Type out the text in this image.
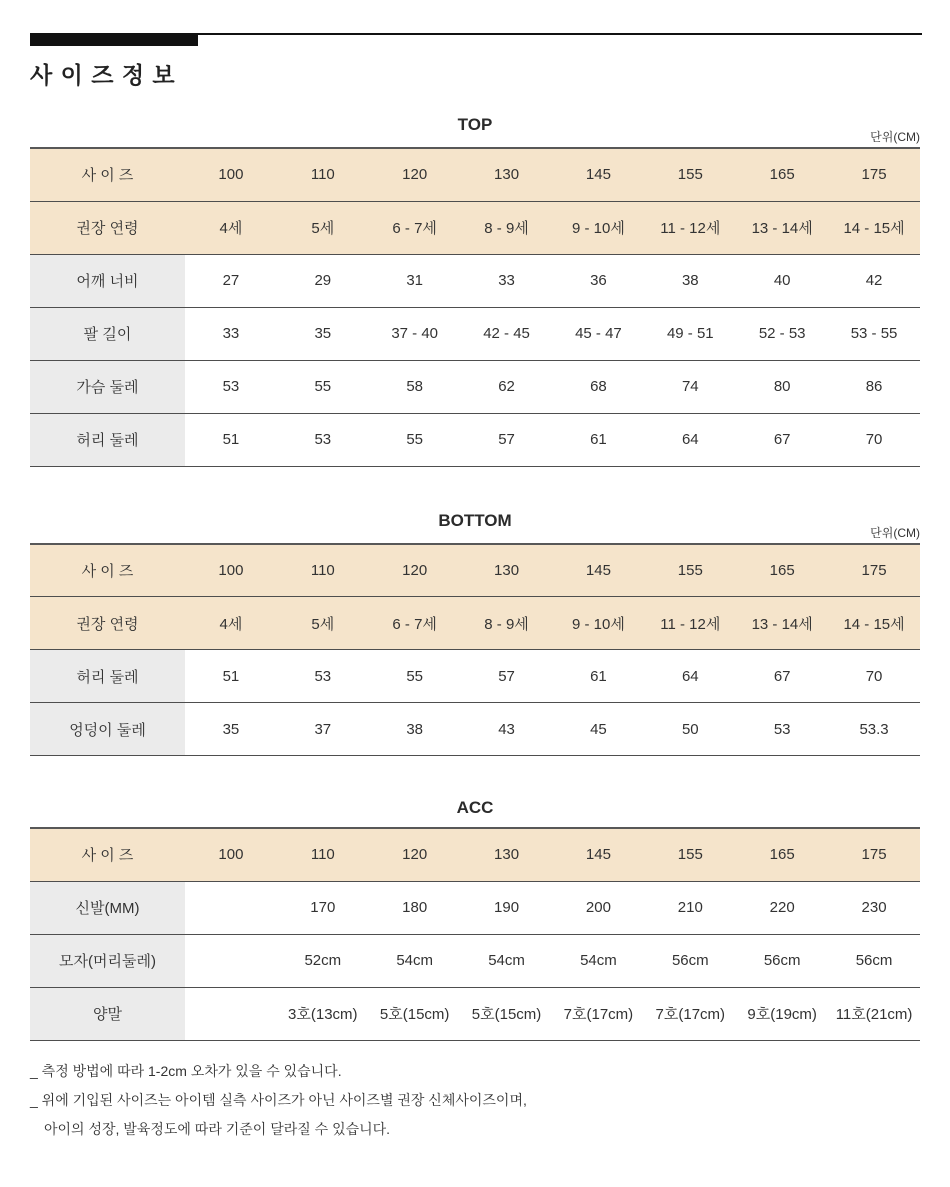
사 이 즈 정 보
TOP
단위(CM)
사 이 즈	100	110	120	130	145	155	165	175
권장 연령	4세	5세	6 - 7세	8 - 9세	9 - 10세	11 - 12세	13 - 14세	14 - 15세
어깨 너비	27	29	31	33	36	38	40	42
팔 길이	33	35	37 - 40	42 - 45	45 - 47	49 - 51	52 - 53	53 - 55
가슴 둘레	53	55	58	62	68	74	80	86
허리 둘레	51	53	55	57	61	64	67	70
BOTTOM
단위(CM)
사 이 즈	100	110	120	130	145	155	165	175
권장 연령	4세	5세	6 - 7세	8 - 9세	9 - 10세	11 - 12세	13 - 14세	14 - 15세
허리 둘레	51	53	55	57	61	64	67	70
엉덩이 둘레	35	37	38	43	45	50	53	53.3
ACC
사 이 즈	100	110	120	130	145	155	165	175
신발(MM)		170	180	190	200	210	220	230
모자(머리둘레)		52cm	54cm	54cm	54cm	56cm	56cm	56cm
양말		3호(13cm)	5호(15cm)	5호(15cm)	7호(17cm)	7호(17cm)	9호(19cm)	11호(21cm)
_ 측정 방법에 따라 1-2cm 오차가 있을 수 있습니다.
_ 위에 기입된 사이즈는 아이템 실측 사이즈가 아닌 사이즈별 권장 신체사이즈이며,
아이의 성장, 발육정도에 따라 기준이 달라질 수 있습니다.
